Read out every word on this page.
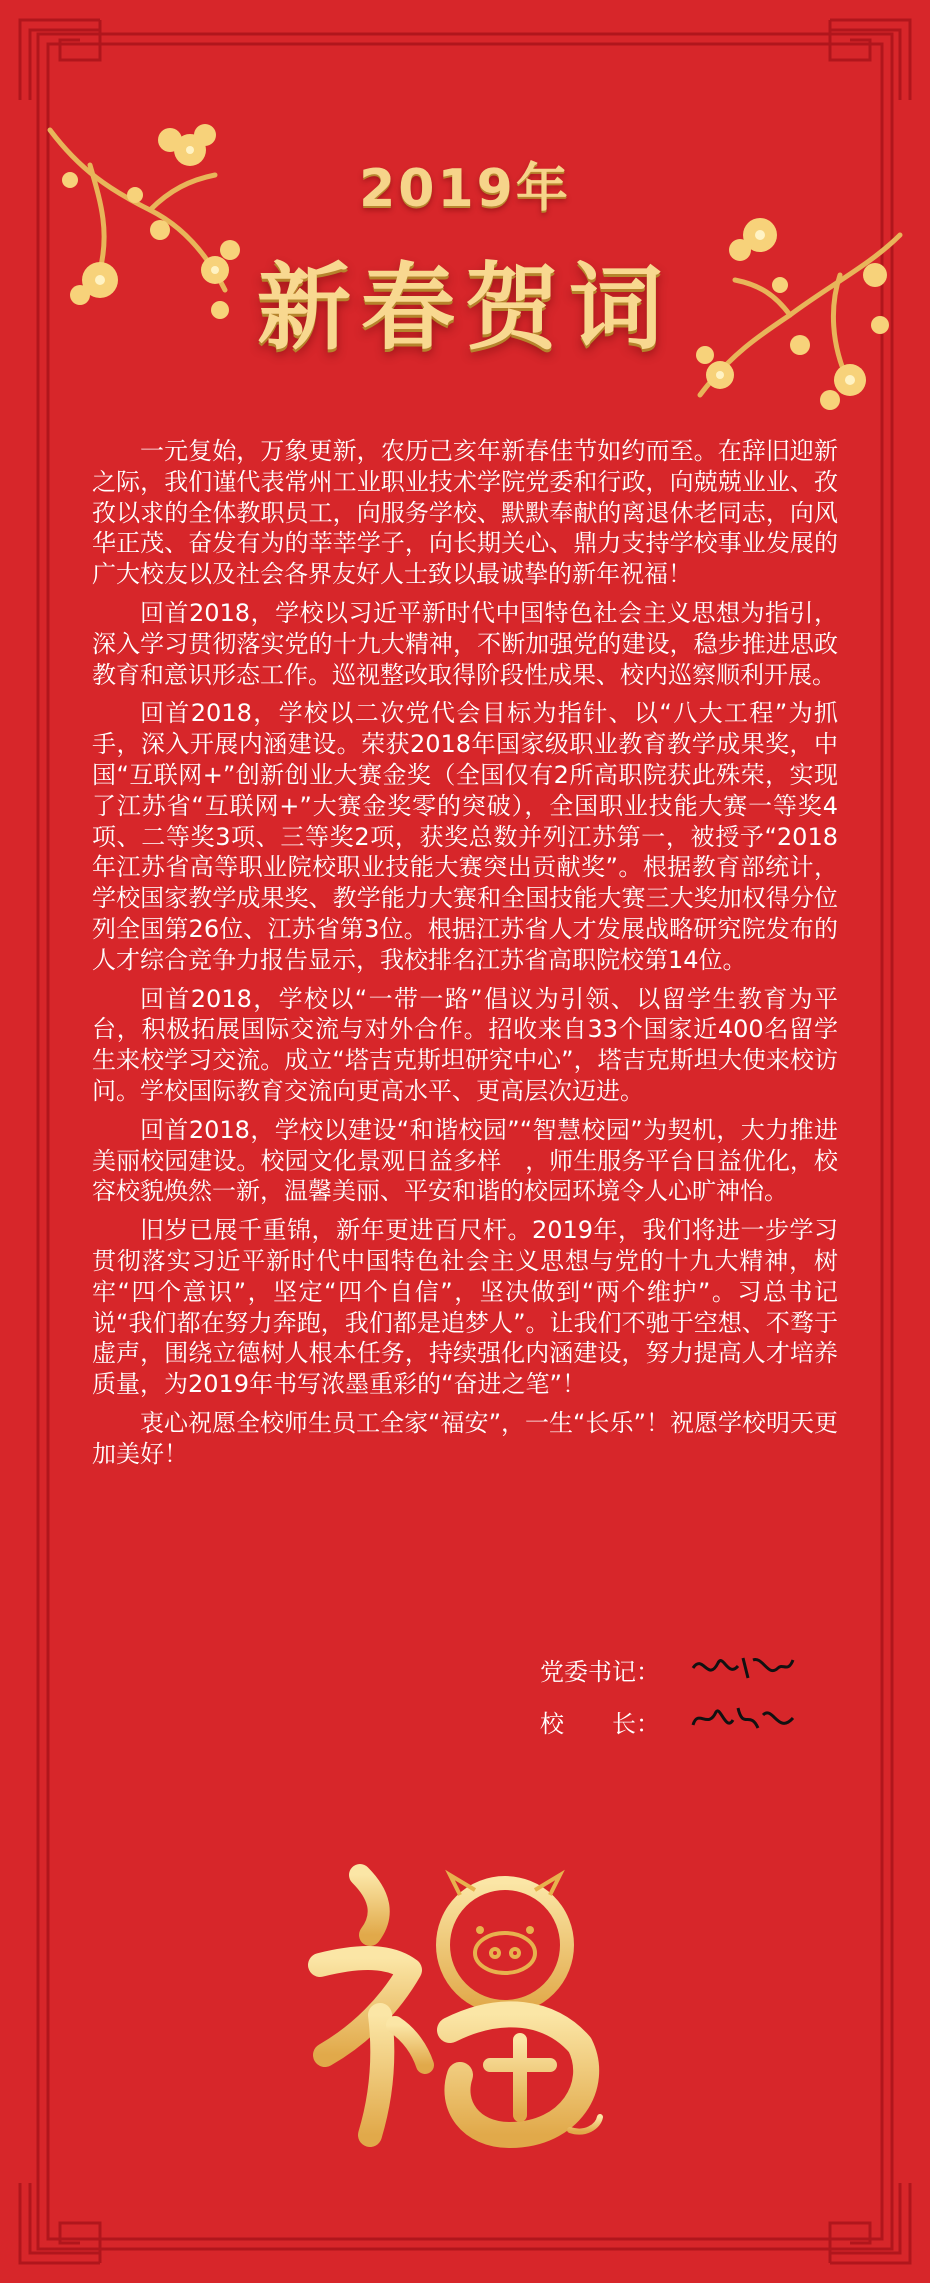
2019年
新春贺词

一元复始，万象更新，农历己亥年新春佳节如约而至。在辞旧迎新之际，我们谨代表常州工业职业技术学院党委和行政，向兢兢业业、孜孜以求的全体教职员工，向服务学校、默默奉献的离退休老同志，向风华正茂、奋发有为的莘莘学子，向长期关心、鼎力支持学校事业发展的广大校友以及社会各界友好人士致以最诚挚的新年祝福！

回首2018，学校以习近平新时代中国特色社会主义思想为指引，深入学习贯彻落实党的十九大精神，不断加强党的建设，稳步推进思政教育和意识形态工作。巡视整改取得阶段性成果、校内巡察顺利开展。

回首2018，学校以二次党代会目标为指针、以“八大工程”为抓手，深入开展内涵建设。荣获2018年国家级职业教育教学成果奖，中国“互联网+”创新创业大赛金奖（全国仅有2所高职院获此殊荣，实现了江苏省“互联网+”大赛金奖零的突破），全国职业技能大赛一等奖4项、二等奖3项、三等奖2项，获奖总数并列江苏第一，被授予“2018年江苏省高等职业院校职业技能大赛突出贡献奖”。根据教育部统计，学校国家教学成果奖、教学能力大赛和全国技能大赛三大奖加权得分位列全国第26位、江苏省第3位。根据江苏省人才发展战略研究院发布的人才综合竞争力报告显示，我校排名江苏省高职院校第14位。

回首2018，学校以“一带一路”倡议为引领、以留学生教育为平台，积极拓展国际交流与对外合作。招收来自33个国家近400名留学生来校学习交流。成立“塔吉克斯坦研究中心”，塔吉克斯坦大使来校访问。学校国际教育交流向更高水平、更高层次迈进。

回首2018，学校以建设“和谐校园”“智慧校园”为契机，大力推进美丽校园建设。校园文化景观日益多样　，师生服务平台日益优化，校容校貌焕然一新，温馨美丽、平安和谐的校园环境令人心旷神怡。

旧岁已展千重锦，新年更进百尺杆。2019年，我们将进一步学习贯彻落实习近平新时代中国特色社会主义思想与党的十九大精神，树牢“四个意识”，坚定“四个自信”，坚决做到“两个维护”。习总书记说“我们都在努力奔跑，我们都是追梦人”。让我们不驰于空想、不骛于虚声，围绕立德树人根本任务，持续强化内涵建设，努力提高人才培养质量，为2019年书写浓墨重彩的“奋进之笔”！

衷心祝愿全校师生员工全家“福安”，一生“长乐”！祝愿学校明天更加美好！

党委书记：
校　　长：
